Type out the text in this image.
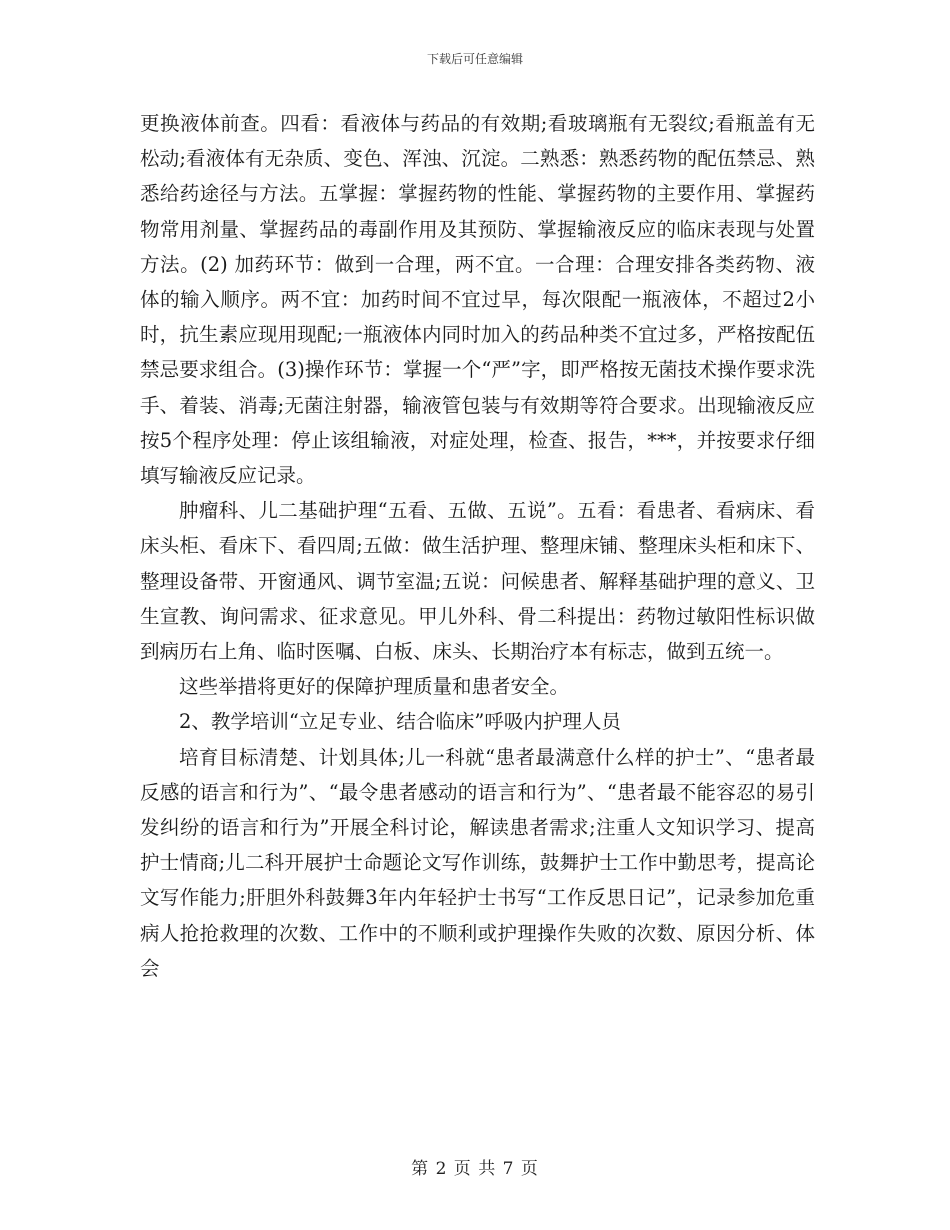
下载后可任意编辑

更换液体前查。四看：看液体与药品的有效期;看玻璃瓶有无裂纹;看瓶盖有无松动;看液体有无杂质、变色、浑浊、沉淀。二熟悉：熟悉药物的配伍禁忌、熟悉给药途径与方法。五掌握：掌握药物的性能、掌握药物的主要作用、掌握药物常用剂量、掌握药品的毒副作用及其预防、掌握输液反应的临床表现与处置方法。(2) 加药环节：做到一合理，两不宜。一合理：合理安排各类药物、液体的输入顺序。两不宜：加药时间不宜过早，每次限配一瓶液体，不超过2小时，抗生素应现用现配;一瓶液体内同时加入的药品种类不宜过多，严格按配伍禁忌要求组合。(3)操作环节：掌握一个“严”字，即严格按无菌技术操作要求洗手、着装、消毒;无菌注射器，输液管包装与有效期等符合要求。出现输液反应按5个程序处理：停止该组输液，对症处理，检查、报告，***，并按要求仔细填写输液反应记录。

肿瘤科、儿二基础护理“五看、五做、五说”。五看：看患者、看病床、看床头柜、看床下、看四周;五做：做生活护理、整理床铺、整理床头柜和床下、整理设备带、开窗通风、调节室温;五说：问候患者、解释基础护理的意义、卫生宣教、询问需求、征求意见。甲儿外科、骨二科提出：药物过敏阳性标识做到病历右上角、临时医嘱、白板、床头、长期治疗本有标志，做到五统一。

这些举措将更好的保障护理质量和患者安全。

2、教学培训“立足专业、结合临床”呼吸内护理人员

培育目标清楚、计划具体;儿一科就“患者最满意什么样的护士”、“患者最反感的语言和行为”、“最令患者感动的语言和行为”、“患者最不能容忍的易引发纠纷的语言和行为”开展全科讨论，解读患者需求;注重人文知识学习、提高护士情商;儿二科开展护士命题论文写作训练，鼓舞护士工作中勤思考，提高论文写作能力;肝胆外科鼓舞3年内年轻护士书写“工作反思日记”，记录参加危重病人抢抢救理的次数、工作中的不顺利或护理操作失败的次数、原因分析、体会

第 2 页 共 7 页
